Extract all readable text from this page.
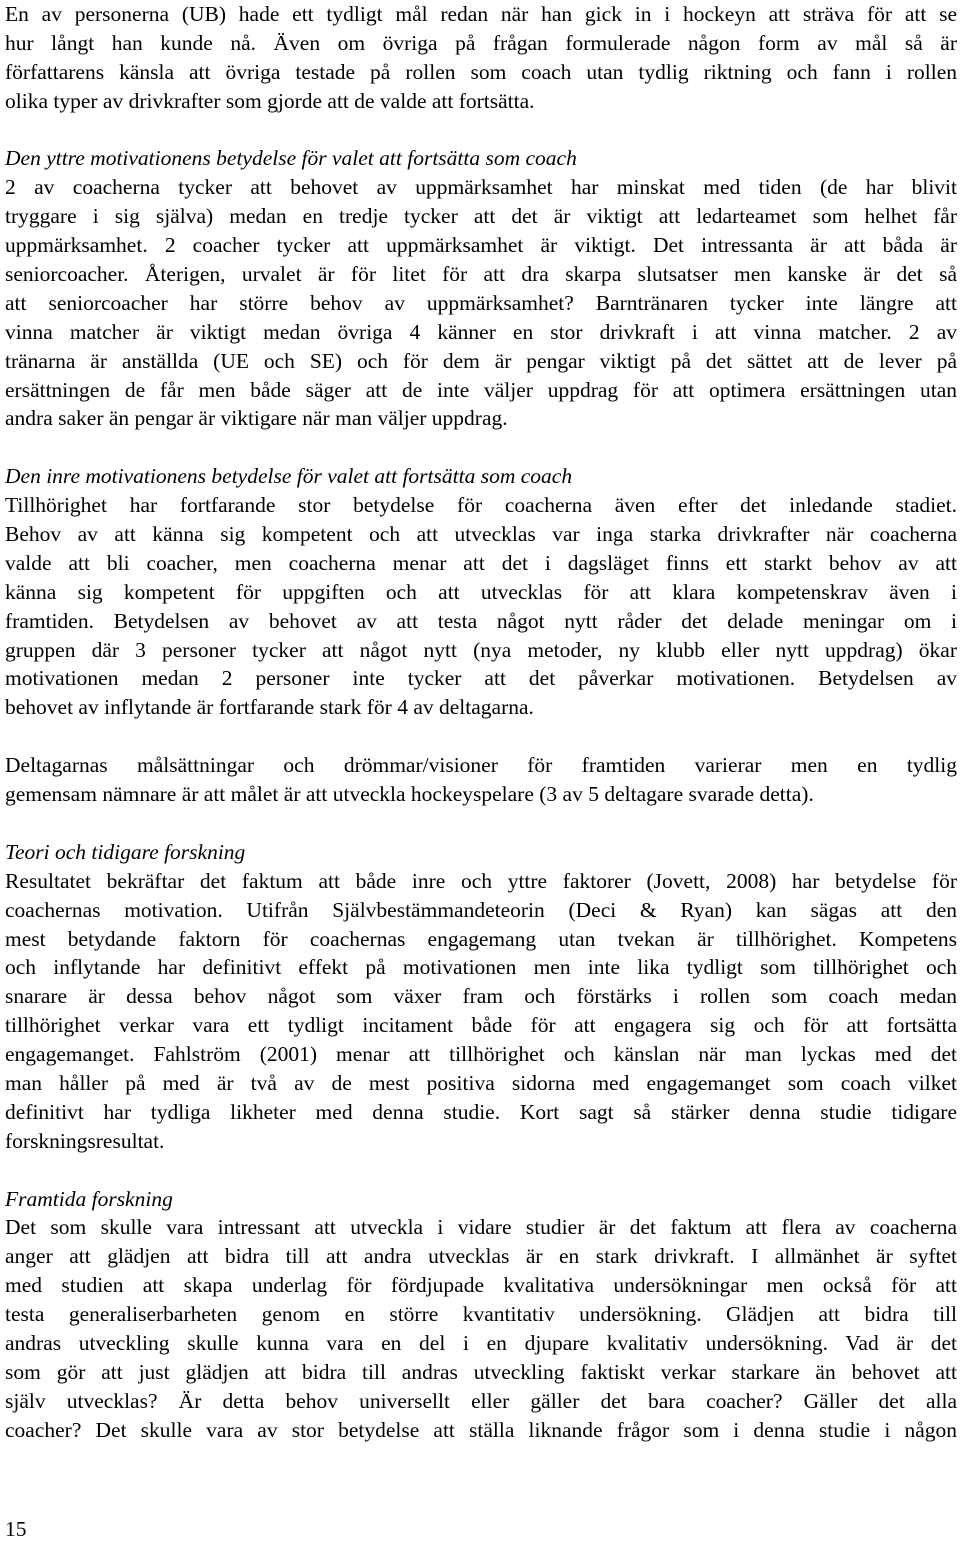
En av personerna (UB) hade ett tydligt mål redan när han gick in i hockeyn att sträva för att se
hur långt han kunde nå. Även om övriga på frågan formulerade någon form av mål så är
författarens känsla att övriga testade på rollen som coach utan tydlig riktning och fann i rollen
olika typer av drivkrafter som gjorde att de valde att fortsätta.
Den yttre motivationens betydelse för valet att fortsätta som coach
2 av coacherna tycker att behovet av uppmärksamhet har minskat med tiden (de har blivit
tryggare i sig själva) medan en tredje tycker att det är viktigt att ledarteamet som helhet får
uppmärksamhet. 2 coacher tycker att uppmärksamhet är viktigt. Det intressanta är att båda är
seniorcoacher. Återigen, urvalet är för litet för att dra skarpa slutsatser men kanske är det så
att seniorcoacher har större behov av uppmärksamhet? Barntränaren tycker inte längre att
vinna matcher är viktigt medan övriga 4 känner en stor drivkraft i att vinna matcher. 2 av
tränarna är anställda (UE och SE) och för dem är pengar viktigt på det sättet att de lever på
ersättningen de får men både säger att de inte väljer uppdrag för att optimera ersättningen utan
andra saker än pengar är viktigare när man väljer uppdrag.
Den inre motivationens betydelse för valet att fortsätta som coach
Tillhörighet har fortfarande stor betydelse för coacherna även efter det inledande stadiet.
Behov av att känna sig kompetent och att utvecklas var inga starka drivkrafter när coacherna
valde att bli coacher, men coacherna menar att det i dagsläget finns ett starkt behov av att
känna sig kompetent för uppgiften och att utvecklas för att klara kompetenskrav även i
framtiden. Betydelsen av behovet av att testa något nytt råder det delade meningar om i
gruppen där 3 personer tycker att något nytt (nya metoder, ny klubb eller nytt uppdrag) ökar
motivationen medan 2 personer inte tycker att det påverkar motivationen. Betydelsen av
behovet av inflytande är fortfarande stark för 4 av deltagarna.
Deltagarnas målsättningar och drömmar/visioner för framtiden varierar men en tydlig
gemensam nämnare är att målet är att utveckla hockeyspelare (3 av 5 deltagare svarade detta).
Teori och tidigare forskning
Resultatet bekräftar det faktum att både inre och yttre faktorer (Jovett, 2008) har betydelse för
coachernas motivation. Utifrån Självbestämmandeteorin (Deci & Ryan) kan sägas att den
mest betydande faktorn för coachernas engagemang utan tvekan är tillhörighet. Kompetens
och inflytande har definitivt effekt på motivationen men inte lika tydligt som tillhörighet och
snarare är dessa behov något som växer fram och förstärks i rollen som coach medan
tillhörighet verkar vara ett tydligt incitament både för att engagera sig och för att fortsätta
engagemanget. Fahlström (2001) menar att tillhörighet och känslan när man lyckas med det
man håller på med är två av de mest positiva sidorna med engagemanget som coach vilket
definitivt har tydliga likheter med denna studie. Kort sagt så stärker denna studie tidigare
forskningsresultat.
Framtida forskning
Det som skulle vara intressant att utveckla i vidare studier är det faktum att flera av coacherna
anger att glädjen att bidra till att andra utvecklas är en stark drivkraft. I allmänhet är syftet
med studien att skapa underlag för fördjupade kvalitativa undersökningar men också för att
testa generaliserbarheten genom en större kvantitativ undersökning. Glädjen att bidra till
andras utveckling skulle kunna vara en del i en djupare kvalitativ undersökning. Vad är det
som gör att just glädjen att bidra till andras utveckling faktiskt verkar starkare än behovet att
själv utvecklas? Är detta behov universellt eller gäller det bara coacher? Gäller det alla
coacher? Det skulle vara av stor betydelse att ställa liknande frågor som i denna studie i någon
15
